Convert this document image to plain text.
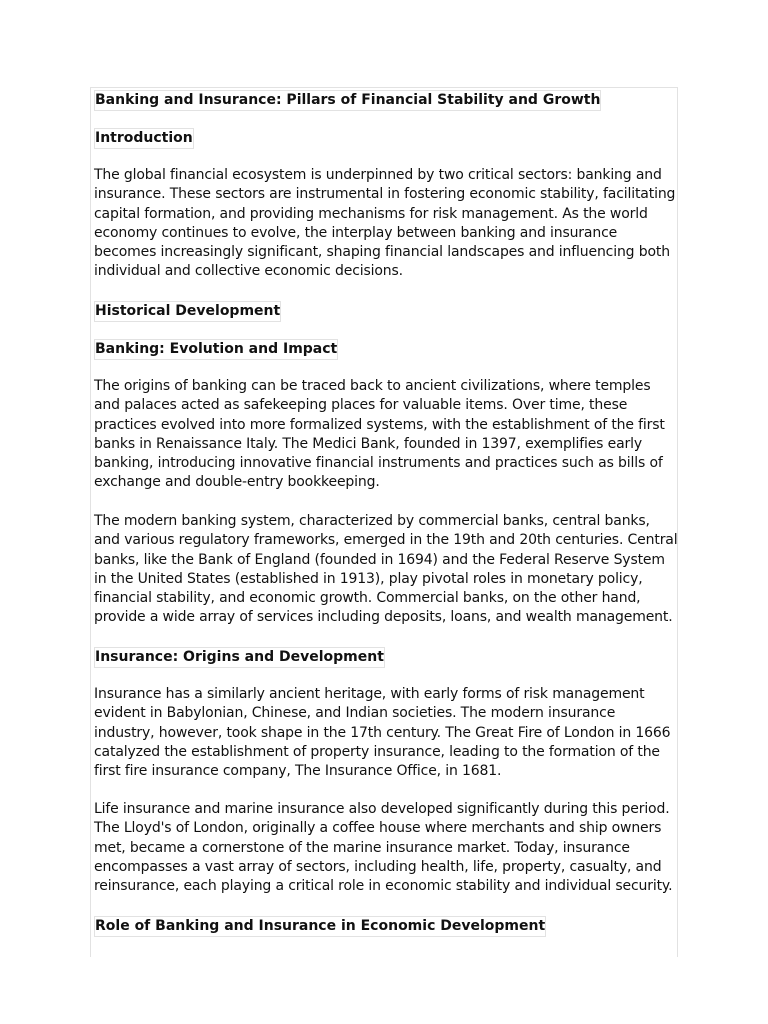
Banking and Insurance: Pillars of Financial Stability and Growth
Introduction

The global financial ecosystem is underpinned by two critical sectors: banking and insurance. These sectors are instrumental in fostering economic stability, facilitating capital formation, and providing mechanisms for risk management. As the world economy continues to evolve, the interplay between banking and insurance becomes increasingly significant, shaping financial landscapes and influencing both individual and collective economic decisions.

Historical Development
Banking: Evolution and Impact

The origins of banking can be traced back to ancient civilizations, where temples and palaces acted as safekeeping places for valuable items. Over time, these practices evolved into more formalized systems, with the establishment of the first banks in Renaissance Italy. The Medici Bank, founded in 1397, exemplifies early banking, introducing innovative financial instruments and practices such as bills of exchange and double-entry bookkeeping.

The modern banking system, characterized by commercial banks, central banks, and various regulatory frameworks, emerged in the 19th and 20th centuries. Central banks, like the Bank of England (founded in 1694) and the Federal Reserve System in the United States (established in 1913), play pivotal roles in monetary policy, financial stability, and economic growth. Commercial banks, on the other hand, provide a wide array of services including deposits, loans, and wealth management.

Insurance: Origins and Development

Insurance has a similarly ancient heritage, with early forms of risk management evident in Babylonian, Chinese, and Indian societies. The modern insurance industry, however, took shape in the 17th century. The Great Fire of London in 1666 catalyzed the establishment of property insurance, leading to the formation of the first fire insurance company, The Insurance Office, in 1681.

Life insurance and marine insurance also developed significantly during this period. The Lloyd's of London, originally a coffee house where merchants and ship owners met, became a cornerstone of the marine insurance market. Today, insurance encompasses a vast array of sectors, including health, life, property, casualty, and reinsurance, each playing a critical role in economic stability and individual security.

Role of Banking and Insurance in Economic Development
